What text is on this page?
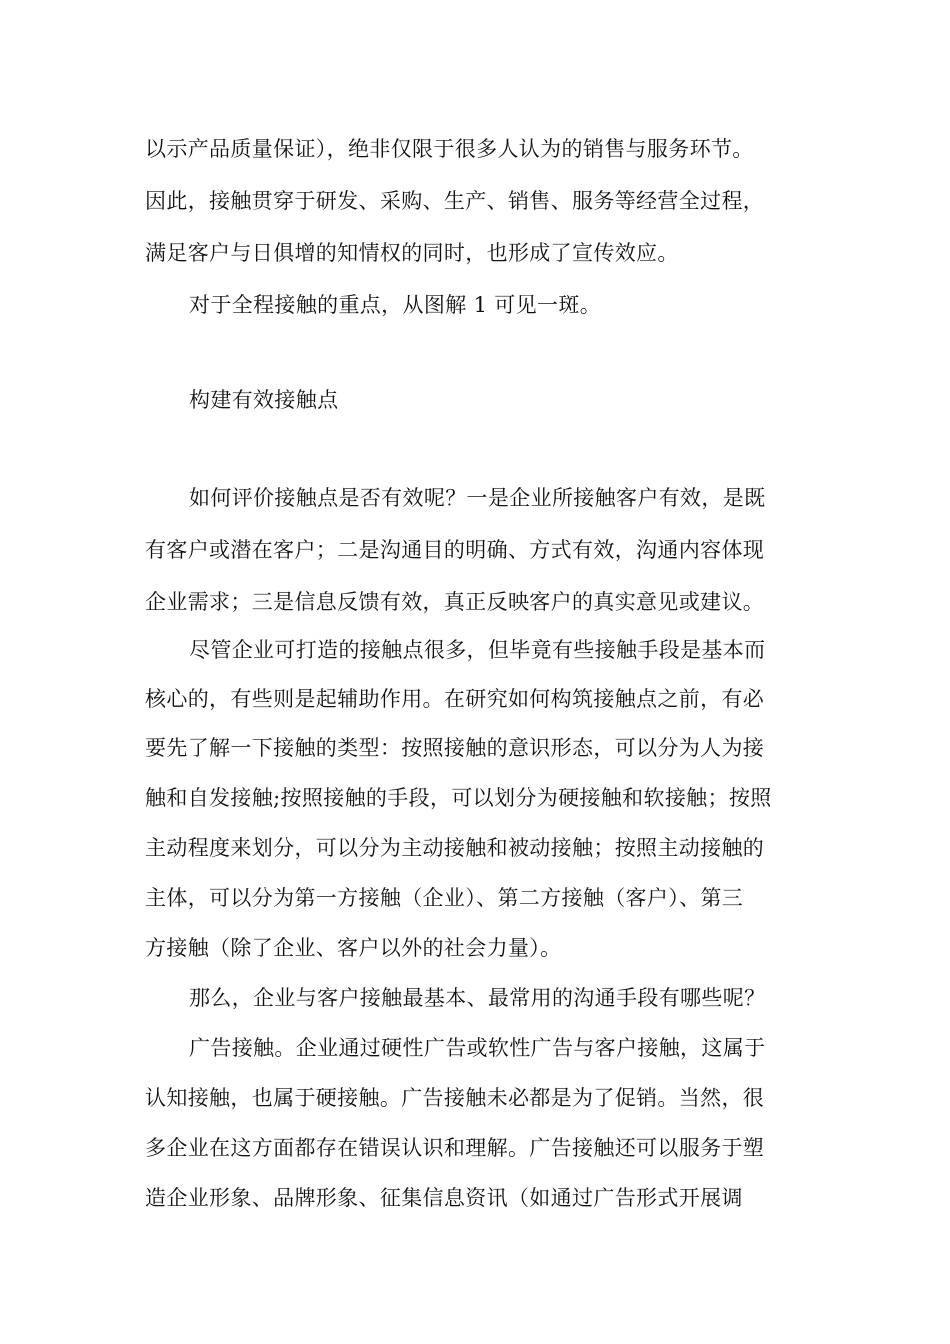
以示产品质量保证），绝非仅限于很多人认为的销售与服务环节。
因此，接触贯穿于研发、采购、生产、销售、服务等经营全过程，
满足客户与日俱增的知情权的同时，也形成了宣传效应。
对于全程接触的重点，从图解 1 可见一斑。
构建有效接触点
如何评价接触点是否有效呢？一是企业所接触客户有效，是既
有客户或潜在客户；二是沟通目的明确、方式有效，沟通内容体现
企业需求；三是信息反馈有效，真正反映客户的真实意见或建议。
尽管企业可打造的接触点很多，但毕竟有些接触手段是基本而
核心的，有些则是起辅助作用。在研究如何构筑接触点之前，有必
要先了解一下接触的类型：按照接触的意识形态，可以分为人为接
触和自发接触;按照接触的手段，可以划分为硬接触和软接触；按照
主动程度来划分，可以分为主动接触和被动接触；按照主动接触的
主体，可以分为第一方接触（企业）、第二方接触（客户）、第三
方接触（除了企业、客户以外的社会力量）。
那么，企业与客户接触最基本、最常用的沟通手段有哪些呢？
广告接触。企业通过硬性广告或软性广告与客户接触，这属于
认知接触，也属于硬接触。广告接触未必都是为了促销。当然，很
多企业在这方面都存在错误认识和理解。广告接触还可以服务于塑
造企业形象、品牌形象、征集信息资讯（如通过广告形式开展调
